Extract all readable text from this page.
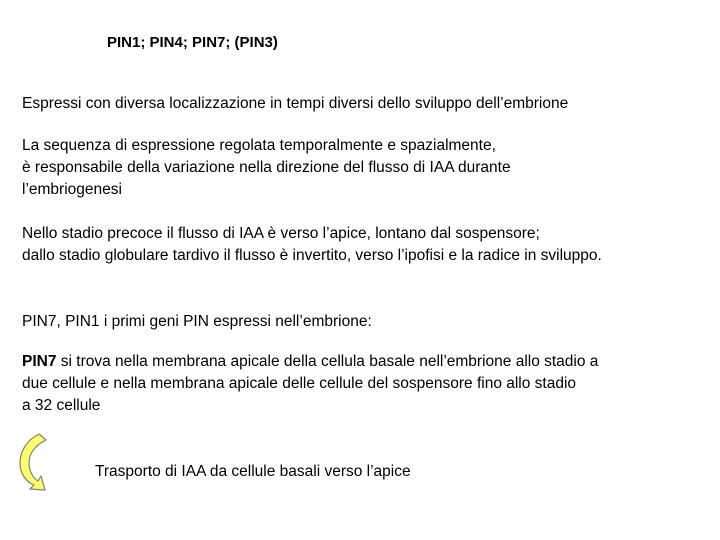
PIN1; PIN4; PIN7; (PIN3)
Espressi con diversa localizzazione in tempi diversi dello sviluppo dell’embrione
La sequenza di espressione regolata temporalmente e spazialmente,
è responsabile della variazione nella direzione del flusso di IAA durante
l’embriogenesi
Nello stadio precoce il flusso di IAA è verso l’apice, lontano dal sospensore;
dallo stadio globulare tardivo il flusso è invertito, verso l’ipofisi e la radice in sviluppo.
PIN7, PIN1 i primi geni PIN espressi nell’embrione:
PIN7 si trova nella membrana apicale della cellula basale nell’embrione allo stadio a
due cellule e nella membrana apicale delle cellule del sospensore fino allo stadio
a 32 cellule
Trasporto di IAA da cellule basali verso l’apice
